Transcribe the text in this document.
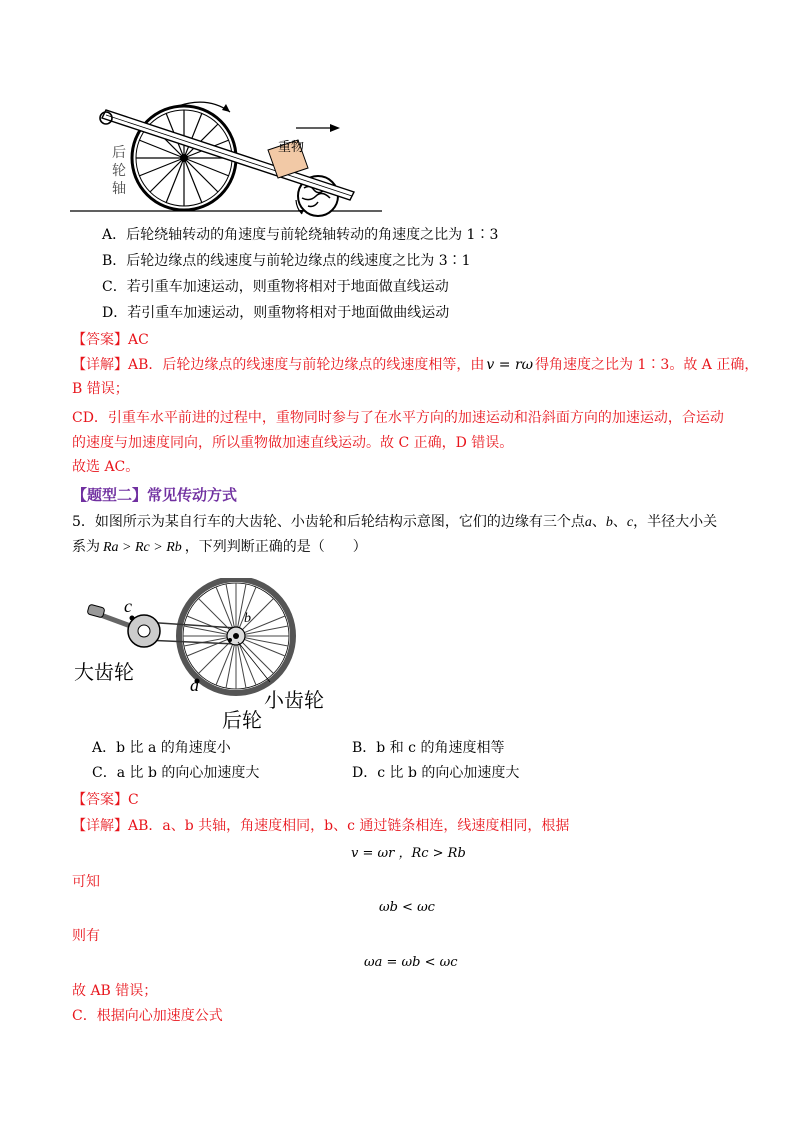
重物
后
轮
轴
A．后轮绕轴转动的角速度与前轮绕轴转动的角速度之比为 1∶3
B．后轮边缘点的线速度与前轮边缘点的线速度之比为 3∶1
C．若引重车加速运动，则重物将相对于地面做直线运动
D．若引重车加速运动，则重物将相对于地面做曲线运动
【答案】AC
【详解】AB．后轮边缘点的线速度与前轮边缘点的线速度相等，由 v = rω 得角速度之比为 1∶3。故 A 正确，
B 错误；
CD．引重车水平前进的过程中，重物同时参与了在水平方向的加速运动和沿斜面方向的加速运动，合运动
的速度与加速度同向，所以重物做加速直线运动。故 C 正确，D 错误。
故选 AC。
【题型二】常见传动方式
5．如图所示为某自行车的大齿轮、小齿轮和后轮结构示意图，它们的边缘有三个点a、b、c，半径大小关
系为 Ra > Rc > Rb ，下列判断正确的是（　　）
c
b
a
大齿轮
小齿轮
后轮
A．b 比 a 的角速度小	B．b 和 c 的角速度相等
C．a 比 b 的向心加速度大	D．c 比 b 的向心加速度大
【答案】C
【详解】AB．a、b 共轴，角速度相同，b、c 通过链条相连，线速度相同，根据
v = ωr ，Rc > Rb
可知
ωb < ωc
则有
ωa = ωb < ωc
故 AB 错误；
C．根据向心加速度公式
